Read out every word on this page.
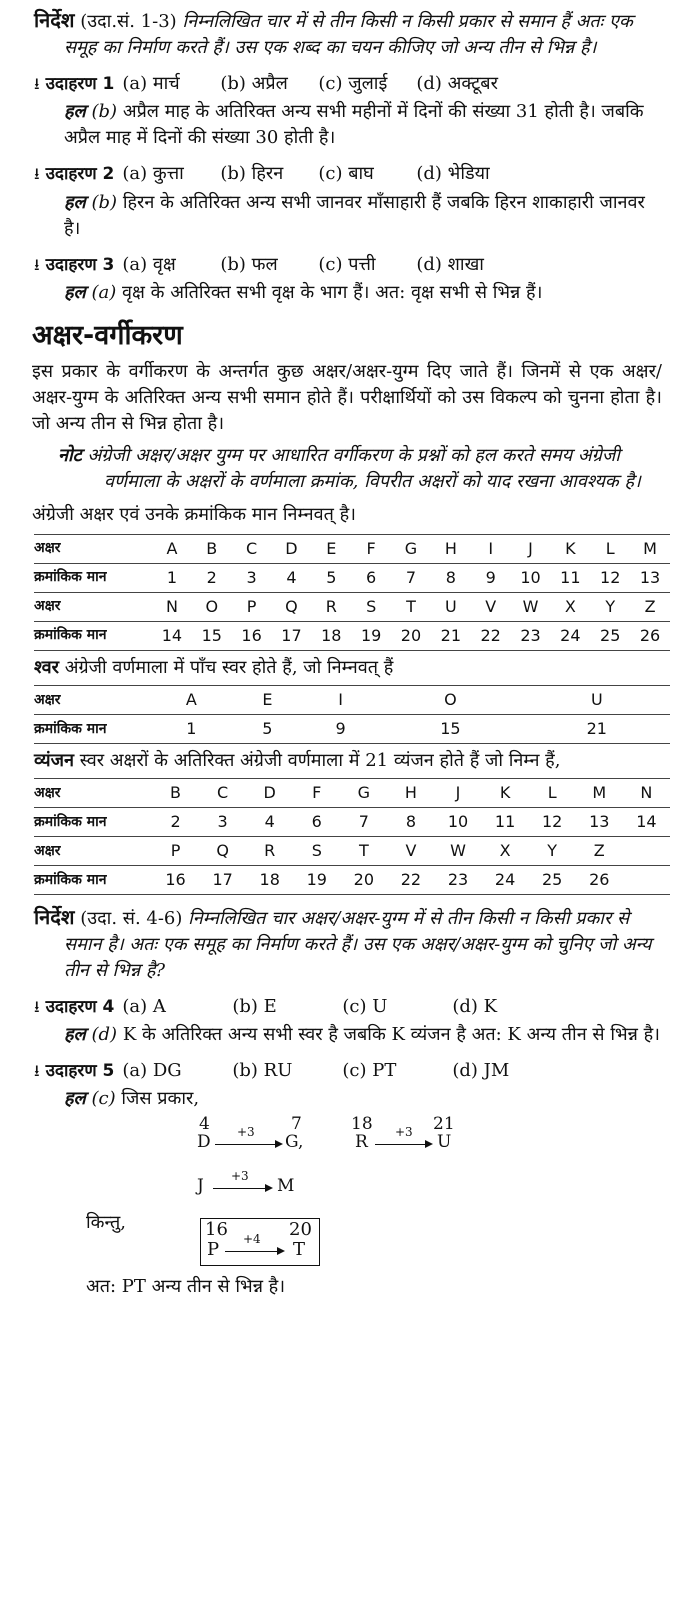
निर्देश (उदा.सं. 1-3) निम्नलिखित चार में से तीन किसी न किसी प्रकार से समान हैं अतः एक समूह का निर्माण करते हैं। उस एक शब्द का चयन कीजिए जो अन्य तीन से भिन्न है।
⭳ उदाहरण 1 (a) मार्च	(b) अप्रैल	(c) जुलाई	(d) अक्टूबर
हल (b) अप्रैल माह के अतिरिक्त अन्य सभी महीनों में दिनों की संख्या 31 होती है। जबकि अप्रैल माह में दिनों की संख्या 30 होती है।
⭳ उदाहरण 2 (a) कुत्ता	(b) हिरन	(c) बाघ	(d) भेडिया
हल (b) हिरन के अतिरिक्त अन्य सभी जानवर माँसाहारी हैं जबकि हिरन शाकाहारी जानवर है।
⭳ उदाहरण 3 (a) वृक्ष	(b) फल	(c) पत्ती	(d) शाखा
हल (a) वृक्ष के अतिरिक्त सभी वृक्ष के भाग हैं। अत: वृक्ष सभी से भिन्न हैं।
अक्षर-वर्गीकरण
इस प्रकार के वर्गीकरण के अन्तर्गत कुछ अक्षर/अक्षर-युग्म दिए जाते हैं। जिनमें से एक अक्षर/अक्षर-युग्म के अतिरिक्त अन्य सभी समान होते हैं। परीक्षार्थियों को उस विकल्प को चुनना होता है। जो अन्य तीन से भिन्न होता है।
नोट अंग्रेजी अक्षर/अक्षर युग्म पर आधारित वर्गीकरण के प्रश्नों को हल करते समय अंग्रेजी वर्णमाला के अक्षरों के वर्णमाला क्रमांक, विपरीत अक्षरों को याद रखना आवश्यक है।
अंग्रेजी अक्षर एवं उनके क्रमांकिक मान निम्नवत् है।
अक्षर	A	B	C	D	E	F	G	H	I	J	K	L	M
क्रमांकिक मान	1	2	3	4	5	6	7	8	9	10	11	12	13
अक्षर	N	O	P	Q	R	S	T	U	V	W	X	Y	Z
क्रमांकिक मान	14	15	16	17	18	19	20	21	22	23	24	25	26
श्वर अंग्रेजी वर्णमाला में पाँच स्वर होते हैं, जो निम्नवत् हैं
अक्षर	A	E	I	O	U
क्रमांकिक मान	1	5	9	15	21
व्यंजन स्वर अक्षरों के अतिरिक्त अंग्रेजी वर्णमाला में 21 व्यंजन होते हैं जो निम्न हैं,
अक्षर	B	C	D	F	G	H	J	K	L	M	N
क्रमांकिक मान	2	3	4	6	7	8	10	11	12	13	14
अक्षर	P	Q	R	S	T	V	W	X	Y	Z	
क्रमांकिक मान	16	17	18	19	20	22	23	24	25	26	
निर्देश (उदा. सं. 4-6) निम्नलिखित चार अक्षर/अक्षर-युग्म में से तीन किसी न किसी प्रकार से समान है। अतः एक समूह का निर्माण करते हैं। उस एक अक्षर/अक्षर-युग्म को चुनिए जो अन्य तीन से भिन्न है?
⭳ उदाहरण 4 (a) A	(b) E	(c) U	(d) K
हल (d) K के अतिरिक्त अन्य सभी स्वर है जबकि K व्यंजन है अत: K अन्य तीन से भिन्न है।
⭳ उदाहरण 5 (a) DG	(b) RU	(c) PT	(d) JM
हल (c) जिस प्रकार,
4
D +3 7
G,
18
R +3 21
U
J +3 M
किन्तु,	16
P +4 20
T
अत: PT अन्य तीन से भिन्न है।
